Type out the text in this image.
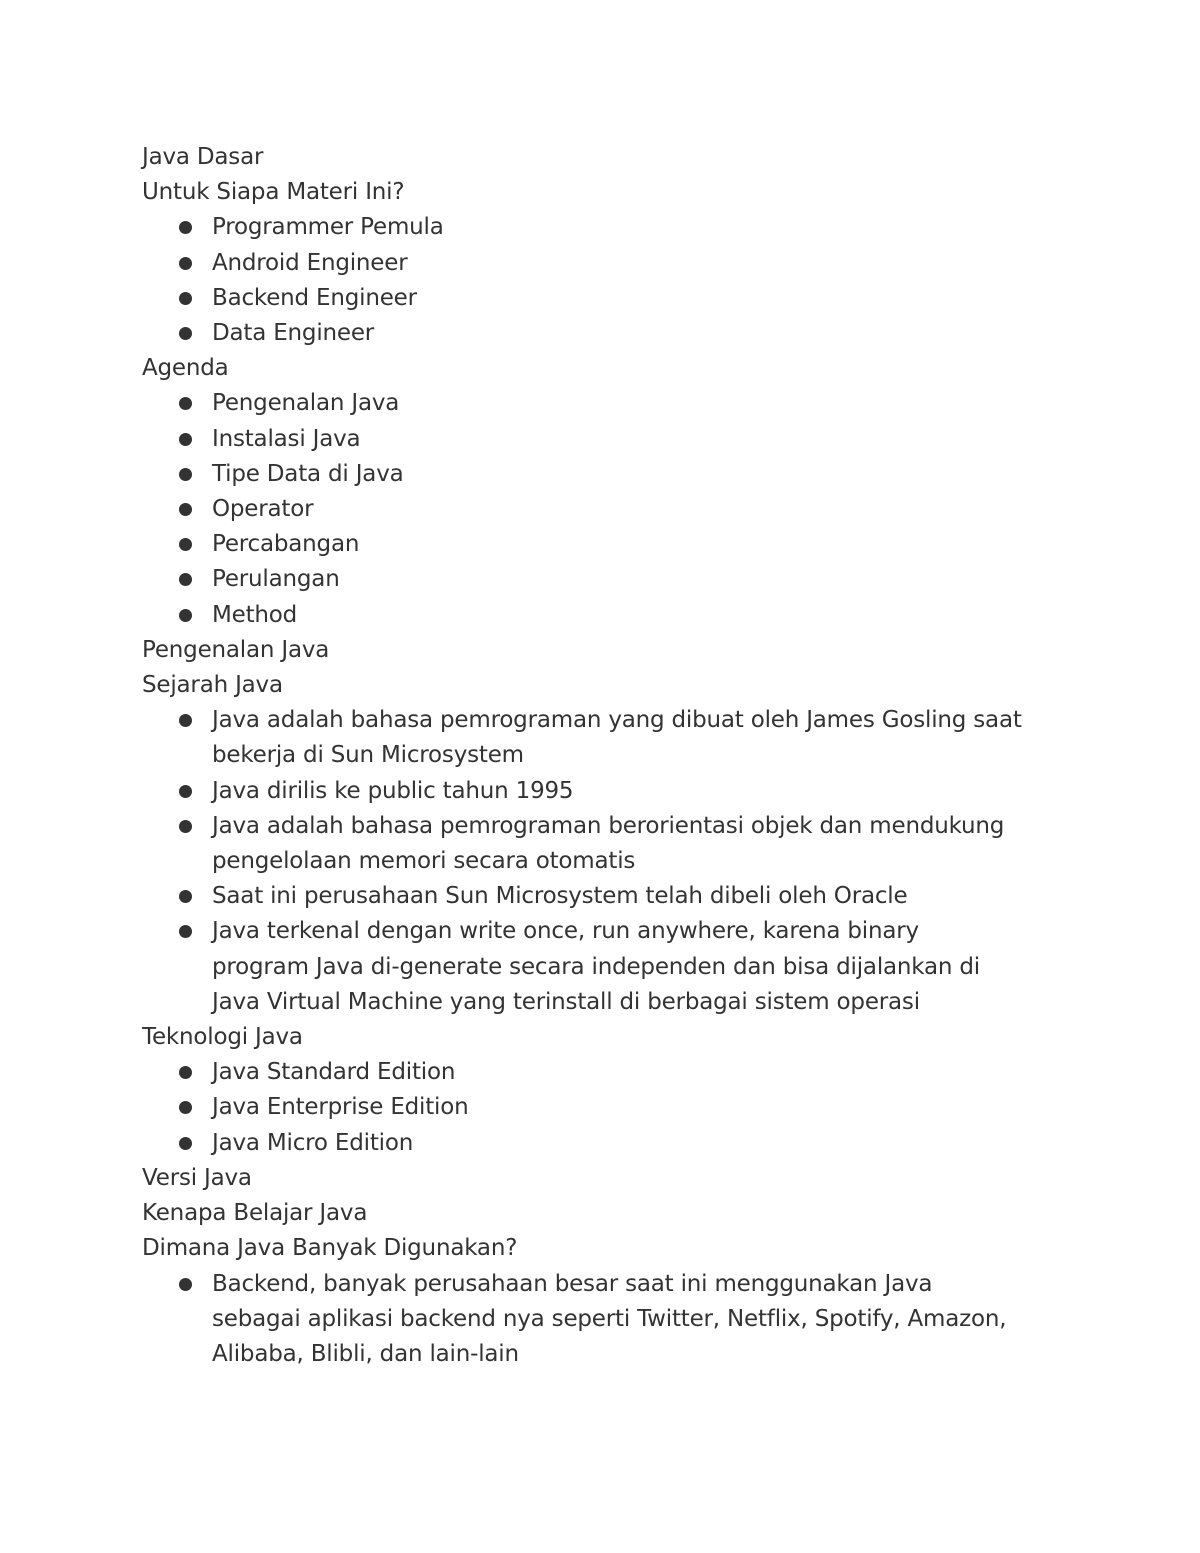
Java Dasar

Untuk Siapa Materi Ini?

Programmer Pemula
Android Engineer
Backend Engineer
Data Engineer

Agenda

Pengenalan Java
Instalasi Java
Tipe Data di Java
Operator
Percabangan
Perulangan
Method

Pengenalan Java

Sejarah Java

Java adalah bahasa pemrograman yang dibuat oleh James Gosling saat bekerja di Sun Microsystem
Java dirilis ke public tahun 1995
Java adalah bahasa pemrograman berorientasi objek dan mendukung pengelolaan memori secara otomatis
Saat ini perusahaan Sun Microsystem telah dibeli oleh Oracle
Java terkenal dengan write once, run anywhere, karena binary program Java di-generate secara independen dan bisa dijalankan di Java Virtual Machine yang terinstall di berbagai sistem operasi

Teknologi Java

Java Standard Edition
Java Enterprise Edition
Java Micro Edition

Versi Java

Kenapa Belajar Java

Dimana Java Banyak Digunakan?

Backend, banyak perusahaan besar saat ini menggunakan Java sebagai aplikasi backend nya seperti Twitter, Netflix, Spotify, Amazon, Alibaba, Blibli, dan lain-lain
